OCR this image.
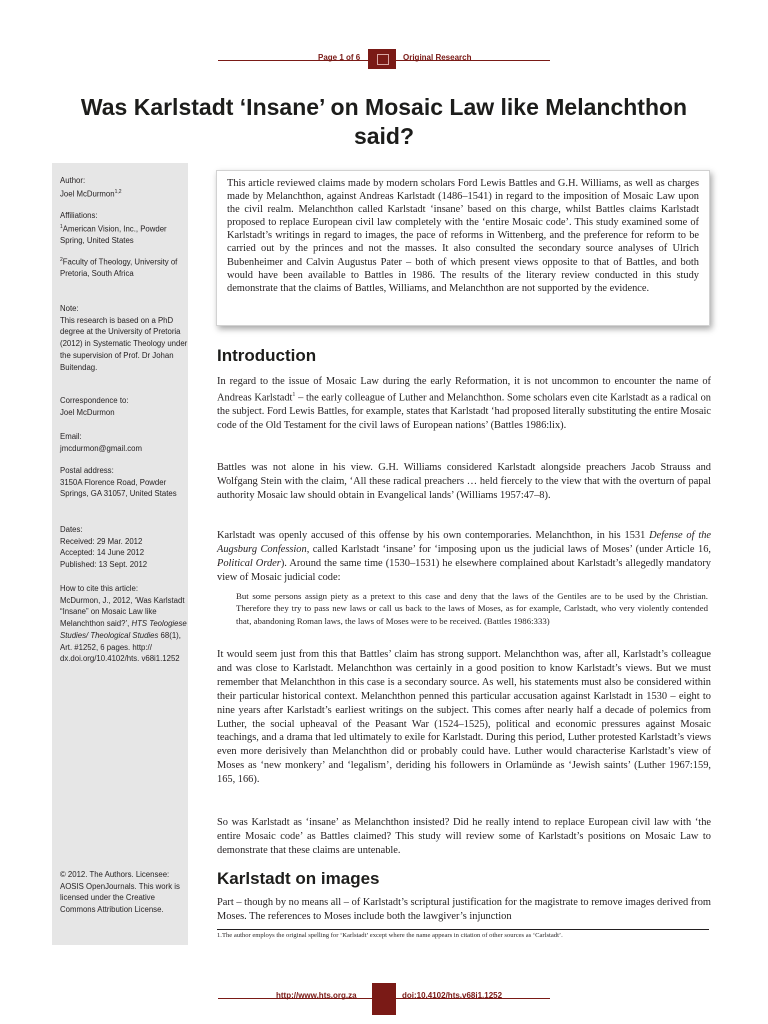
Page 1 of 6	Original Research
Was Karlstadt ‘Insane’ on Mosaic Law like Melanchthon said?
Author:
Joel McDurmon$^{1,2}$
Affiliations:
$^1$American Vision, Inc., Powder Spring, United States
$^2$Faculty of Theology, University of Pretoria, South Africa
Note:
This research is based on a PhD degree at the University of Pretoria (2012) in Systematic Theology under the supervision of Prof. Dr Johan Buitendag.
Correspondence to:
Joel McDurmon
Email:
jmcdurmon@gmail.com
Postal address:
3150A Florence Road, Powder Springs, GA 31057, United States
Dates:
Received: 29 Mar. 2012
Accepted: 14 June 2012
Published: 13 Sept. 2012
How to cite this article:
McDurmon, J., 2012, ‘Was Karlstadt “Insane” on Mosaic Law like Melanchthon said?’, HTS Teologiese Studies/ Theological Studies 68(1), Art. #1252, 6 pages. http:// dx.doi.org/10.4102/hts. v68i1.1252
© 2012. The Authors. Licensee: AOSIS OpenJournals. This work is licensed under the Creative Commons Attribution License.
This article reviewed claims made by modern scholars Ford Lewis Battles and G.H. Williams, as well as charges made by Melanchthon, against Andreas Karlstadt (1486–1541) in regard to the imposition of Mosaic Law upon the civil realm. Melanchthon called Karlstadt ‘insane’ based on this charge, whilst Battles claims Karlstadt proposed to replace European civil law completely with the ‘entire Mosaic code’. This study examined some of Karlstadt’s writings in regard to images, the pace of reforms in Wittenberg, and the preference for reform to be carried out by the princes and not the masses. It also consulted the secondary source analyses of Ulrich Bubenheimer and Calvin Augustus Pater – both of which present views opposite to that of Battles, and both would have been available to Battles in 1986. The results of the literary review conducted in this study demonstrate that the claims of Battles, Williams, and Melanchthon are not supported by the evidence.
Introduction
In regard to the issue of Mosaic Law during the early Reformation, it is not uncommon to encounter the name of Andreas Karlstadt$^1$ – the early colleague of Luther and Melanchthon. Some scholars even cite Karlstadt as a radical on the subject. Ford Lewis Battles, for example, states that Karlstadt ‘had proposed literally substituting the entire Mosaic code of the Old Testament for the civil laws of European nations’ (Battles 1986:lix).
Battles was not alone in his view. G.H. Williams considered Karlstadt alongside preachers Jacob Strauss and Wolfgang Stein with the claim, ‘All these radical preachers … held fiercely to the view that with the overturn of papal authority Mosaic law should obtain in Evangelical lands’ (Williams 1957:47–8).
Karlstadt was openly accused of this offense by his own contemporaries. Melanchthon, in his 1531 Defense of the Augsburg Confession, called Karlstadt ‘insane’ for ‘imposing upon us the judicial laws of Moses’ (under Article 16, Political Order). Around the same time (1530–1531) he elsewhere complained about Karlstadt’s allegedly mandatory view of Mosaic judicial code:
But some persons assign piety as a pretext to this case and deny that the laws of the Gentiles are to be used by the Christian. Therefore they try to pass new laws or call us back to the laws of Moses, as for example, Carlstadt, who very violently contended that, abandoning Roman laws, the laws of Moses were to be received. (Battles 1986:333)
It would seem just from this that Battles’ claim has strong support. Melanchthon was, after all, Karlstadt’s colleague and was close to Karlstadt. Melanchthon was certainly in a good position to know Karlstadt’s views. But we must remember that Melanchthon in this case is a secondary source. As well, his statements must also be considered within their particular historical context. Melanchthon penned this particular accusation against Karlstadt in 1530 – eight to nine years after Karlstadt’s earliest writings on the subject. This comes after nearly half a decade of polemics from Luther, the social upheaval of the Peasant War (1524–1525), political and economic pressures against Mosaic teachings, and a drama that led ultimately to exile for Karlstadt. During this period, Luther protested Karlstadt’s views even more derisively than Melanchthon did or probably could have. Luther would characterise Karlstadt’s view of Moses as ‘new monkery’ and ‘legalism’, deriding his followers in Orlamünde as ‘Jewish saints’ (Luther 1967:159, 165, 166).
So was Karlstadt as ‘insane’ as Melanchthon insisted? Did he really intend to replace European civil law with ‘the entire Mosaic code’ as Battles claimed? This study will review some of Karlstadt’s positions on Mosaic Law to demonstrate that these claims are untenable.
Karlstadt on images
Part – though by no means all – of Karlstadt’s scriptural justification for the magistrate to remove images derived from Moses. The references to Moses include both the lawgiver’s injunction
1.The author employs the original spelling for ‘Karlstadt’ except where the name appears in citation of other sources as ‘Carlstadt’.
http://www.hts.org.za	doi:10.4102/hts.v68i1.1252
